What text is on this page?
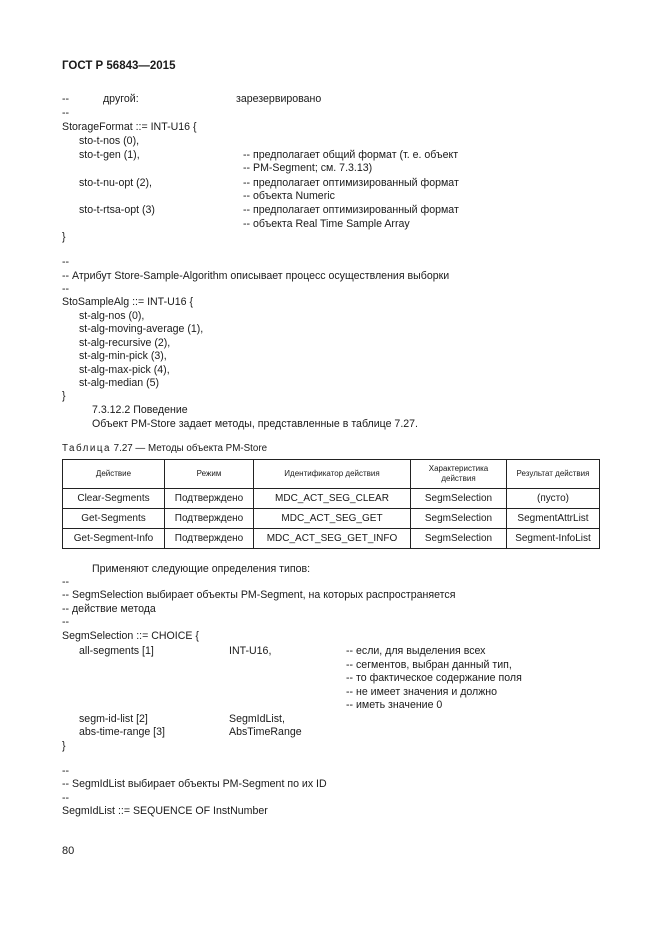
ГОСТ Р 56843—2015
--	другой:	зарезервировано
--
StorageFormat ::= INT-U16 {
sto-t-nos (0),
sto-t-gen (1),	-- предполагает общий формат (т. е. объект
-- PM-Segment; см. 7.3.13)
sto-t-nu-opt (2),	-- предполагает оптимизированный формат
-- объекта Numeric
sto-t-rtsa-opt (3)	-- предполагает оптимизированный формат
-- объекта Real Time Sample Array
}
--
-- Атрибут Store-Sample-Algorithm описывает процесс осуществления выборки
--
StoSampleAlg ::= INT-U16 {
st-alg-nos (0),
st-alg-moving-average (1),
st-alg-recursive (2),
st-alg-min-pick (3),
st-alg-max-pick (4),
st-alg-median (5)
}
7.3.12.2 Поведение
Объект PM-Store задает методы, представленные в таблице 7.27.
Таблица 7.27 — Методы объекта PM-Store
Действие	Режим	Идентификатор действия	Характеристика действия	Результат действия
Clear-Segments	Подтверждено	MDC_ACT_SEG_CLEAR	SegmSelection	(пусто)
Get-Segments	Подтверждено	MDC_ACT_SEG_GET	SegmSelection	SegmentAttrList
Get-Segment-Info	Подтверждено	MDC_ACT_SEG_GET_INFO	SegmSelection	Segment-InfoList
Применяют следующие определения типов:
--
-- SegmSelection выбирает объекты PM-Segment, на которых распространяется
-- действие метода
--
SegmSelection ::= CHOICE {
all-segments [1]	INT-U16,	-- если, для выделения всех
-- сегментов, выбран данный тип,
-- то фактическое содержание поля
-- не имеет значения и должно
-- иметь значение 0
segm-id-list [2]	SegmIdList,
abs-time-range [3]	AbsTimeRange
}
--
-- SegmIdList выбирает объекты PM-Segment по их ID
--
SegmIdList ::= SEQUENCE OF InstNumber
80
